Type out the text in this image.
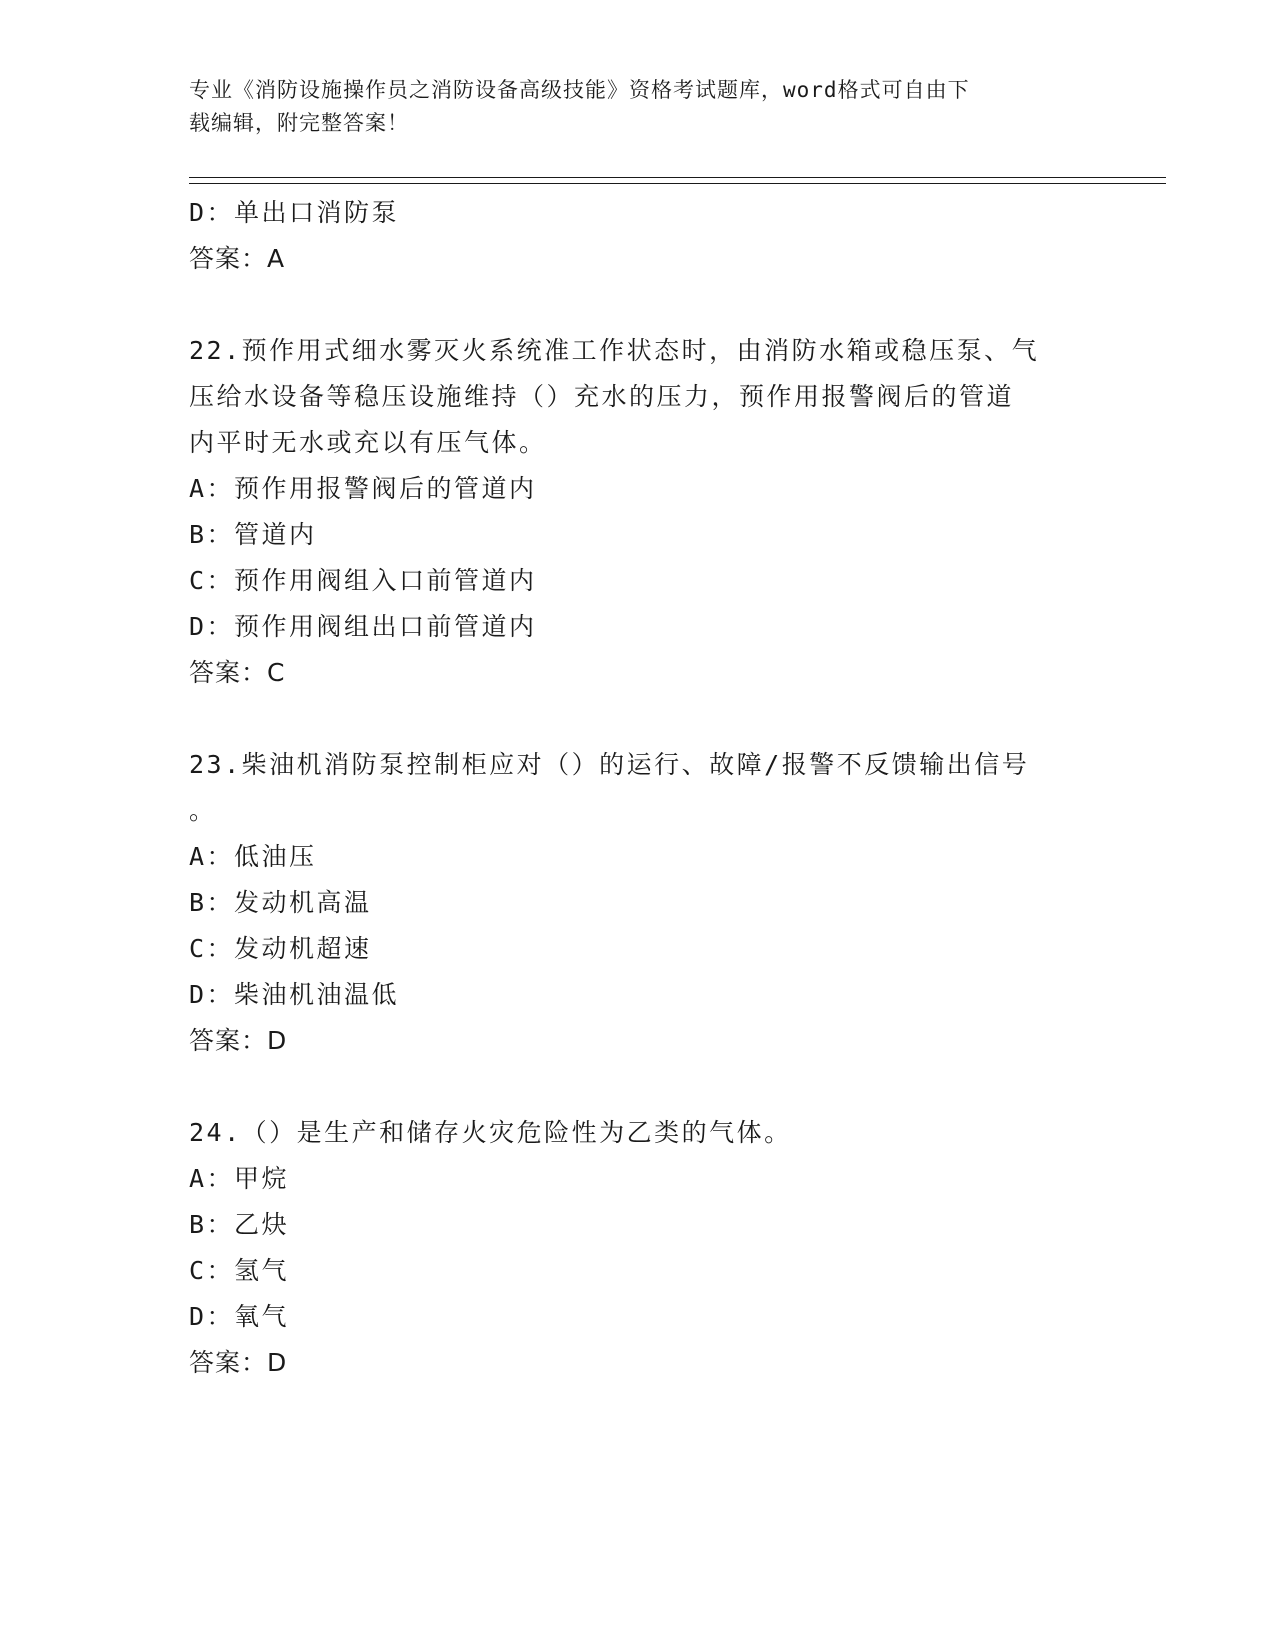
专业《消防设施操作员之消防设备高级技能》资格考试题库，word格式可自由下
载编辑，附完整答案！
D：单出口消防泵
答案：A
22.预作用式细水雾灭火系统准工作状态时，由消防水箱或稳压泵、气
压给水设备等稳压设施维持（）充水的压力，预作用报警阀后的管道
内平时无水或充以有压气体。
A：预作用报警阀后的管道内
B：管道内
C：预作用阀组入口前管道内
D：预作用阀组出口前管道内
答案：C
23.柴油机消防泵控制柜应对（）的运行、故障/报警不反馈输出信号
。
A：低油压
B：发动机高温
C：发动机超速
D：柴油机油温低
答案：D
24.（）是生产和储存火灾危险性为乙类的气体。
A：甲烷
B：乙炔
C：氢气
D：氧气
答案：D
